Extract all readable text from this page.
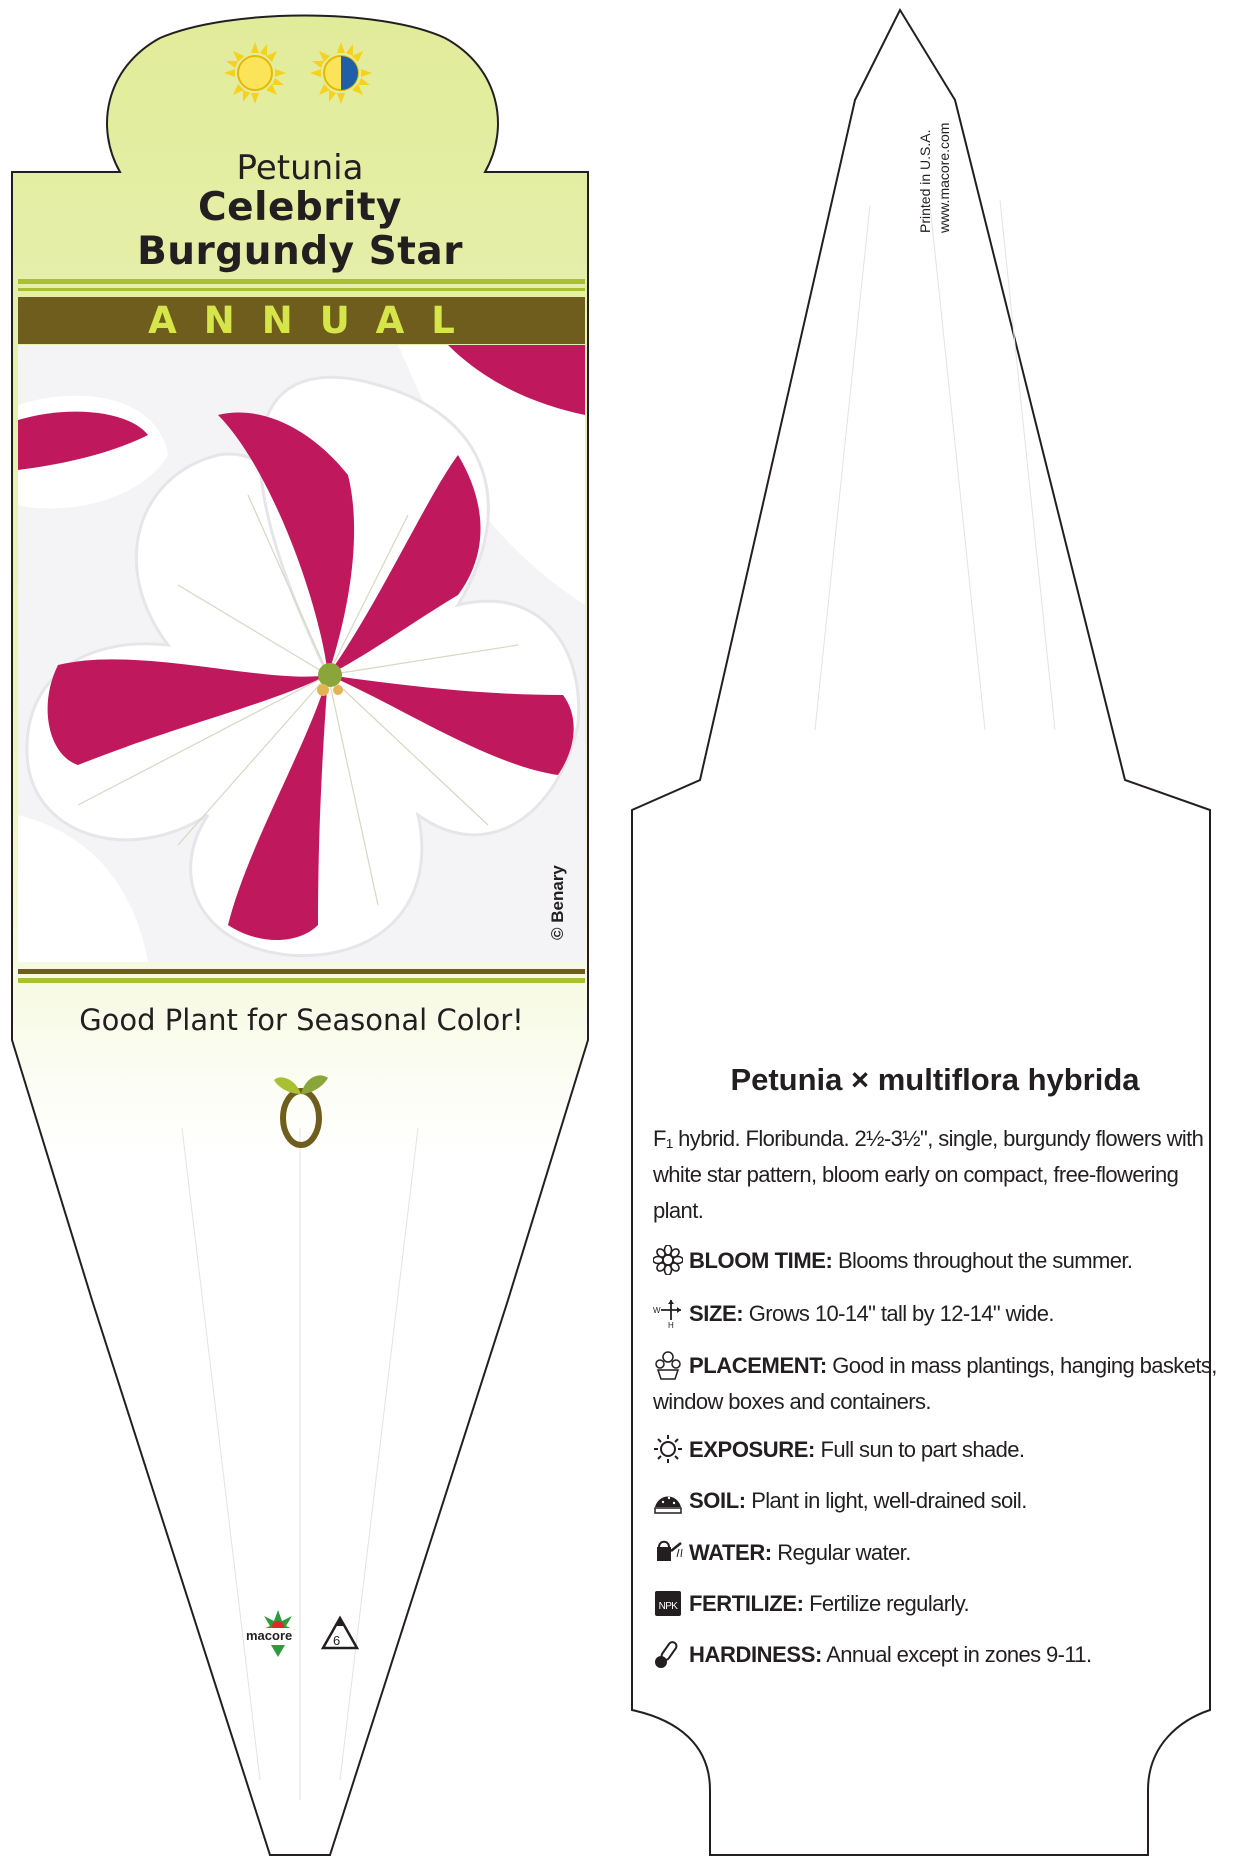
Petunia
Celebrity
Burgundy Star
ANNUAL
© Benary
Good Plant for Seasonal Color!
macore	6
Printed in U.S.A. www.macore.com
Petunia × multiflora hybrida
F₁ hybrid. Floribunda. 2½-3½", single, burgundy flowers with white star pattern, bloom early on compact, free-flowering plant.
BLOOM TIME: Blooms throughout the summer.
W
H SIZE: Grows 10-14" tall by 12-14" wide.
PLACEMENT: Good in mass plantings, hanging baskets, window boxes and containers.
EXPOSURE: Full sun to part shade.
SOIL: Plant in light, well-drained soil.
WATER: Regular water.
NPK FERTILIZE: Fertilize regularly.
HARDINESS: Annual except in zones 9-11.
